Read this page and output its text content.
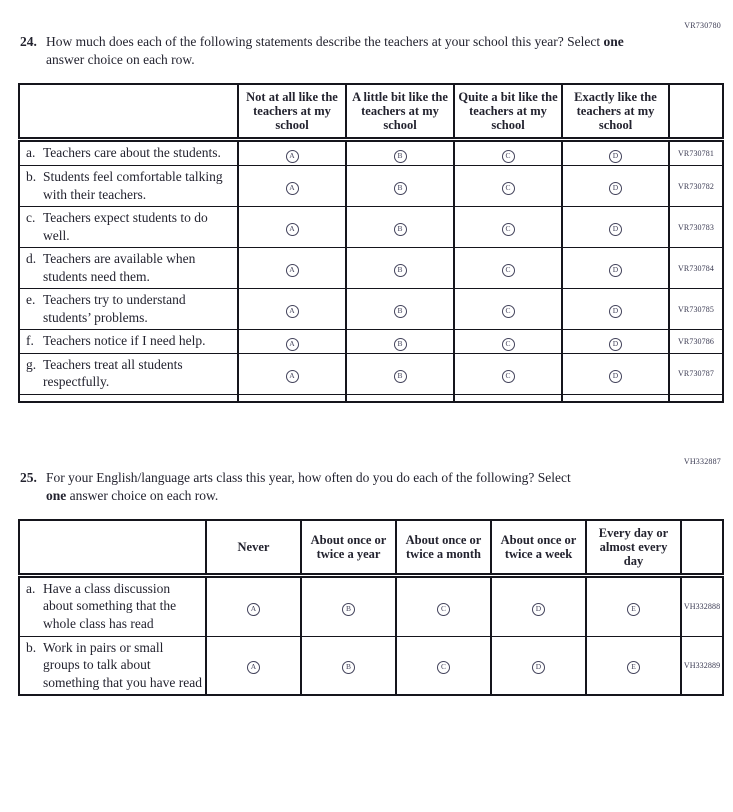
VR730780
24. How much does each of the following statements describe the teachers at your school this year? Select one answer choice on each row.

	Not at all like the teachers at my school	A little bit like the teachers at my school	Quite a bit like the teachers at my school	Exactly like the teachers at my school	

a. Teachers care about the students.	A	B	C	D	VR730781

b. Students feel comfortable talking with their teachers.	A	B	C	D	VR730782

c. Teachers expect students to do well.	A	B	C	D	VR730783

d. Teachers are available when students need them.	A	B	C	D	VR730784

e. Teachers try to understand students’ problems.	A	B	C	D	VR730785

f. Teachers notice if I need help.	A	B	C	D	VR730786

g. Teachers treat all students respectfully.	A	B	C	D	VR730787

VH332887
25. For your English/language arts class this year, how often do you do each of the following? Select one answer choice on each row.

	Never	About once or twice a year	About once or twice a month	About once or twice a week	Every day or almost every day	

a. Have a class discussion about something that the whole class has read	A	B	C	D	E	VH332888

b. Work in pairs or small groups to talk about something that you have read	A	B	C	D	E	VH332889
